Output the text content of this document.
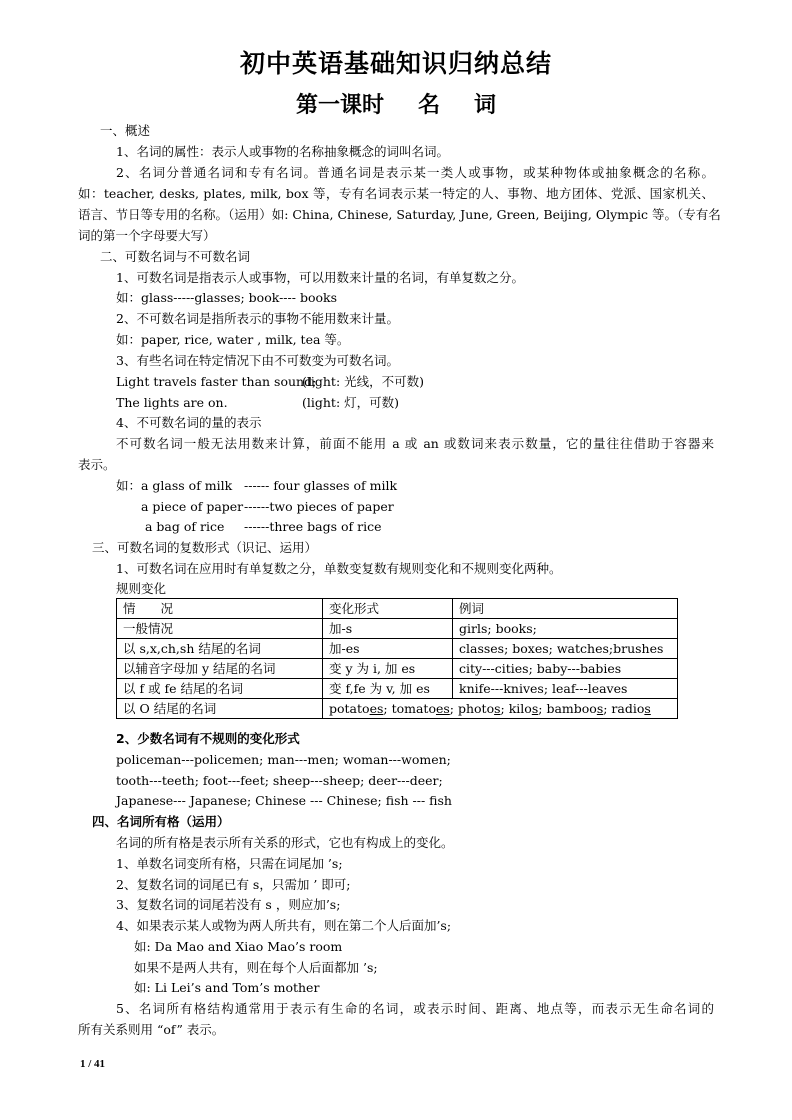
初中英语基础知识归纳总结
第一课时 名 词
一、概述
1、名词的属性：表示人或事物的名称抽象概念的词叫名词。
2、名词分普通名词和专有名词。普通名词是表示某一类人或事物，或某种物体或抽象概念的名称。
如：teacher, desks, plates, milk, box 等，专有名词表示某一特定的人、事物、地方团体、党派、国家机关、
语言、节日等专用的名称。（运用）如: China, Chinese, Saturday, June, Green, Beijing, Olympic 等。（专有名
词的第一个字母要大写）
二、可数名词与不可数名词
1、可数名词是指表示人或事物，可以用数来计量的名词，有单复数之分。
如：glass-----glasses; book---- books
2、不可数名词是指所表示的事物不能用数来计量。
如：paper, rice, water , milk, tea 等。
3、有些名词在特定情况下由不可数变为可数名词。
Light travels faster than sound;
(light: 光线，不可数)
The lights are on.	(light: 灯，可数)
4、不可数名词的量的表示
不可数名词一般无法用数来计算，前面不能用 a 或 an 或数词来表示数量，它的量往往借助于容器来
表示。
如：a glass of milk ------ four glasses of milk
a piece of paper ------two pieces of paper
a bag of rice ------three bags of rice
三、可数名词的复数形式（识记、运用）
1、可数名词在应用时有单复数之分，单数变复数有规则变化和不规则变化两种。
规则变化
情　　况	变化形式	例词
一般情况	加-s	girls; books;
以 s,x,ch,sh 结尾的名词	加-es	classes; boxes; watches;brushes
以辅音字母加 y 结尾的名词	变 y 为 i, 加 es	city---cities; baby---babies
以 f 或 fe 结尾的名词	变 f,fe 为 v, 加 es	knife---knives; leaf---leaves
以 O 结尾的名词	potatoes; tomatoes; photos; kilos; bamboos; radios	
2、少数名词有不规则的变化形式
policeman---policemen; man---men; woman---women;
tooth---teeth; foot---feet; sheep---sheep; deer---deer;
Japanese--- Japanese; Chinese --- Chinese; fish --- fish
四、名词所有格（运用）
名词的所有格是表示所有关系的形式，它也有构成上的变化。
1、单数名词变所有格，只需在词尾加 ’s;
2、复数名词的词尾已有 s，只需加 ’ 即可;
3、复数名词的词尾若没有 s ，则应加’s;
4、如果表示某人或物为两人所共有，则在第二个人后面加’s;
如: Da Mao and Xiao Mao’s room
如果不是两人共有，则在每个人后面都加 ’s;
如: Li Lei’s and Tom’s mother
5、名词所有格结构通常用于表示有生命的名词，或表示时间、距离、地点等，而表示无生命名词的
所有关系则用 “of” 表示。
1 / 41
